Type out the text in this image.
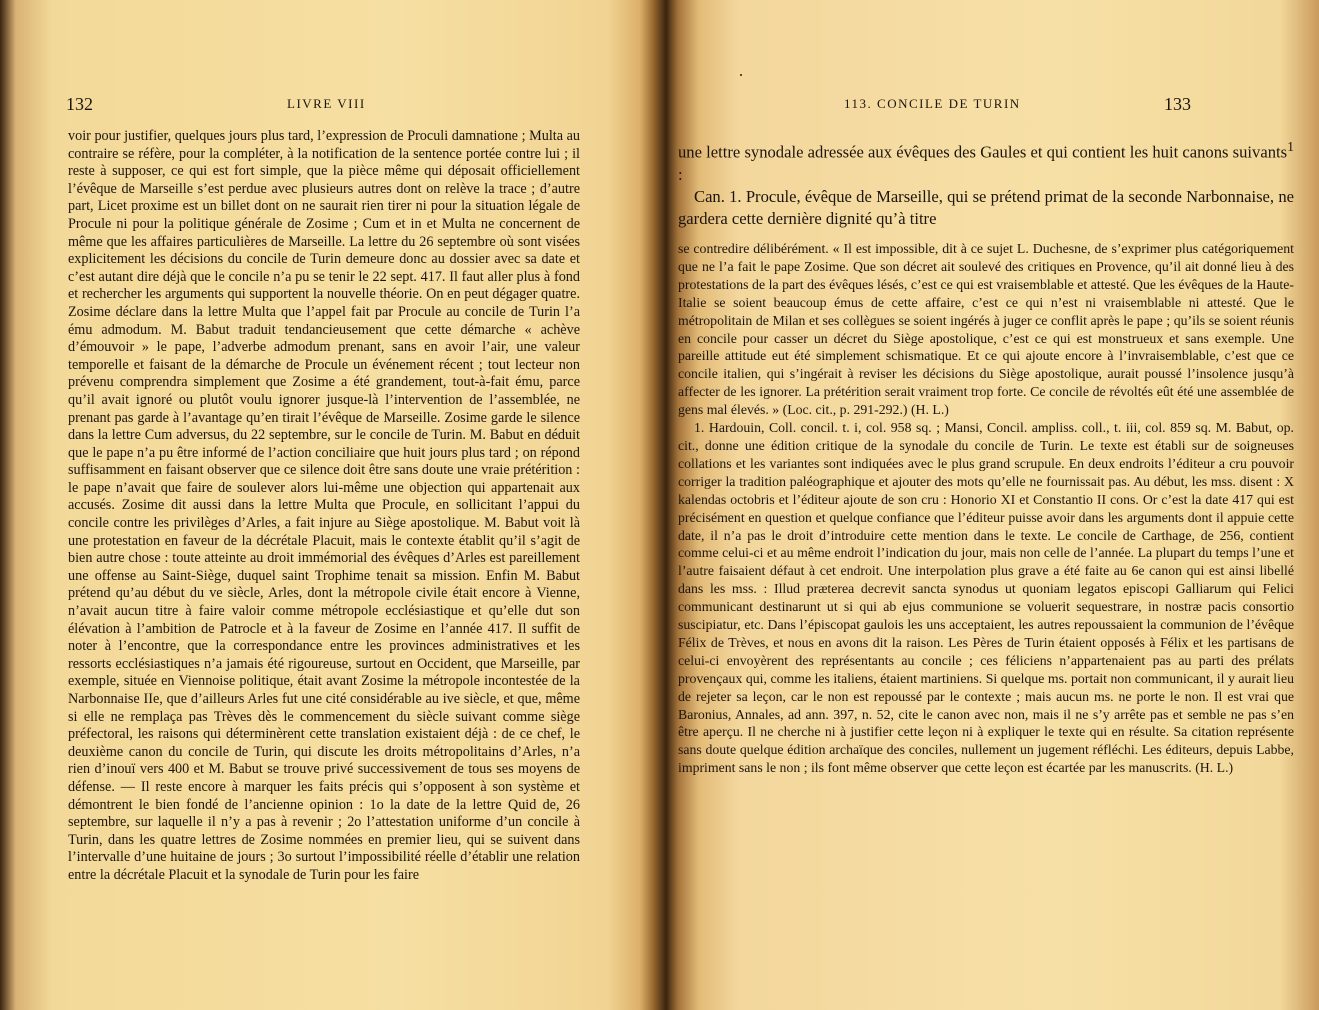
132	LIVRE VIII
voir pour justifier, quelques jours plus tard, l’expression de Proculi damnatione ; Multa au contraire se réfère, pour la compléter, à la notification de la sentence portée contre lui ; il reste à supposer, ce qui est fort simple, que la pièce même qui déposait officiellement l’évêque de Marseille s’est perdue avec plusieurs autres dont on relève la trace ; d’autre part, Licet proxime est un billet dont on ne saurait rien tirer ni pour la situation légale de Procule ni pour la politique générale de Zosime ; Cum et in et Multa ne concernent de même que les affaires particulières de Marseille. La lettre du 26 septembre où sont visées explicitement les décisions du concile de Turin demeure donc au dossier avec sa date et c’est autant dire déjà que le concile n’a pu se tenir le 22 sept. 417. Il faut aller plus à fond et rechercher les arguments qui supportent la nouvelle théorie. On en peut dégager quatre. Zosime déclare dans la lettre Multa que l’appel fait par Procule au concile de Turin l’a ému admodum. M. Babut traduit tendancieusement que cette démarche « achève d’émouvoir » le pape, l’adverbe admodum prenant, sans en avoir l’air, une valeur temporelle et faisant de la démarche de Procule un événement récent ; tout lecteur non prévenu comprendra simplement que Zosime a été grandement, tout-à-fait ému, parce qu’il avait ignoré ou plutôt voulu ignorer jusque-là l’intervention de l’assemblée, ne prenant pas garde à l’avantage qu’en tirait l’évêque de Marseille. Zosime garde le silence dans la lettre Cum adversus, du 22 septembre, sur le concile de Turin. M. Babut en déduit que le pape n’a pu être informé de l’action conciliaire que huit jours plus tard ; on répond suffisamment en faisant observer que ce silence doit être sans doute une vraie prétérition : le pape n’avait que faire de soulever alors lui-même une objection qui appartenait aux accusés. Zosime dit aussi dans la lettre Multa que Procule, en sollicitant l’appui du concile contre les privilèges d’Arles, a fait injure au Siège apostolique. M. Babut voit là une protestation en faveur de la décrétale Placuit, mais le contexte établit qu’il s’agit de bien autre chose : toute atteinte au droit immémorial des évêques d’Arles est pareillement une offense au Saint-Siège, duquel saint Trophime tenait sa mission. Enfin M. Babut prétend qu’au début du ve siècle, Arles, dont la métropole civile était encore à Vienne, n’avait aucun titre à faire valoir comme métropole ecclésiastique et qu’elle dut son élévation à l’ambition de Patrocle et à la faveur de Zosime en l’année 417. Il suffit de noter à l’encontre, que la correspondance entre les provinces administratives et les ressorts ecclésiastiques n’a jamais été rigoureuse, surtout en Occident, que Marseille, par exemple, située en Viennoise politique, était avant Zosime la métropole incontestée de la Narbonnaise IIe, que d’ailleurs Arles fut une cité considérable au ive siècle, et que, même si elle ne remplaça pas Trèves dès le commencement du siècle suivant comme siège préfectoral, les raisons qui déterminèrent cette translation existaient déjà : de ce chef, le deuxième canon du concile de Turin, qui discute les droits métropolitains d’Arles, n’a rien d’inouï vers 400 et M. Babut se trouve privé successivement de tous ses moyens de défense. — Il reste encore à marquer les faits précis qui s’opposent à son système et démontrent le bien fondé de l’ancienne opinion : 1o la date de la lettre Quid de, 26 septembre, sur laquelle il n’y a pas à revenir ; 2o l’attestation uniforme d’un concile à Turin, dans les quatre lettres de Zosime nommées en premier lieu, qui se suivent dans l’intervalle d’une huitaine de jours ; 3o surtout l’impossibilité réelle d’établir une relation entre la décrétale Placuit et la synodale de Turin pour les faire
113. CONCILE DE TURIN	133

une lettre synodale adressée aux évêques des Gaules et qui contient les huit canons suivants$^1$ :

Can. 1. Procule, évêque de Marseille, qui se prétend primat de la seconde Narbonnaise, ne gardera cette dernière dignité qu’à titre

se contredire délibérément. « Il est impossible, dit à ce sujet L. Duchesne, de s’exprimer plus catégoriquement que ne l’a fait le pape Zosime. Que son décret ait soulevé des critiques en Provence, qu’il ait donné lieu à des protestations de la part des évêques lésés, c’est ce qui est vraisemblable et attesté. Que les évêques de la Haute-Italie se soient beaucoup émus de cette affaire, c’est ce qui n’est ni vraisemblable ni attesté. Que le métropolitain de Milan et ses collègues se soient ingérés à juger ce conflit après le pape ; qu’ils se soient réunis en concile pour casser un décret du Siège apostolique, c’est ce qui est monstrueux et sans exemple. Une pareille attitude eut été simplement schismatique. Et ce qui ajoute encore à l’invraisemblable, c’est que ce concile italien, qui s’ingérait à reviser les décisions du Siège apostolique, aurait poussé l’insolence jusqu’à affecter de les ignorer. La prétérition serait vraiment trop forte. Ce concile de révoltés eût été une assemblée de gens mal élevés. » (Loc. cit., p. 291-292.) (H. L.)

1. Hardouin, Coll. concil. t. i, col. 958 sq. ; Mansi, Concil. ampliss. coll., t. iii, col. 859 sq. M. Babut, op. cit., donne une édition critique de la synodale du concile de Turin. Le texte est établi sur de soigneuses collations et les variantes sont indiquées avec le plus grand scrupule. En deux endroits l’éditeur a cru pouvoir corriger la tradition paléographique et ajouter des mots qu’elle ne fournissait pas. Au début, les mss. disent : X kalendas octobris et l’éditeur ajoute de son cru : Honorio XI et Constantio II cons. Or c’est la date 417 qui est précisément en question et quelque confiance que l’éditeur puisse avoir dans les arguments dont il appuie cette date, il n’a pas le droit d’introduire cette mention dans le texte. Le concile de Carthage, de 256, contient comme celui-ci et au même endroit l’indication du jour, mais non celle de l’année. La plupart du temps l’une et l’autre faisaient défaut à cet endroit. Une interpolation plus grave a été faite au 6e canon qui est ainsi libellé dans les mss. : Illud præterea decrevit sancta synodus ut quoniam legatos episcopi Galliarum qui Felici communicant destinarunt ut si qui ab ejus communione se voluerit sequestrare, in nostræ pacis consortio suscipiatur, etc. Dans l’épiscopat gaulois les uns acceptaient, les autres repoussaient la communion de l’évêque Félix de Trèves, et nous en avons dit la raison. Les Pères de Turin étaient opposés à Félix et les partisans de celui-ci envoyèrent des représentants au concile ; ces féliciens n’appartenaient pas au parti des prélats provençaux qui, comme les italiens, étaient martiniens. Si quelque ms. portait non communicant, il y aurait lieu de rejeter sa leçon, car le non est repoussé par le contexte ; mais aucun ms. ne porte le non. Il est vrai que Baronius, Annales, ad ann. 397, n. 52, cite le canon avec non, mais il ne s’y arrête pas et semble ne pas s’en être aperçu. Il ne cherche ni à justifier cette leçon ni à expliquer le texte qui en résulte. Sa citation représente sans doute quelque édition archaïque des conciles, nullement un jugement réfléchi. Les éditeurs, depuis Labbe, impriment sans le non ; ils font même observer que cette leçon est écartée par les manuscrits. (H. L.)
